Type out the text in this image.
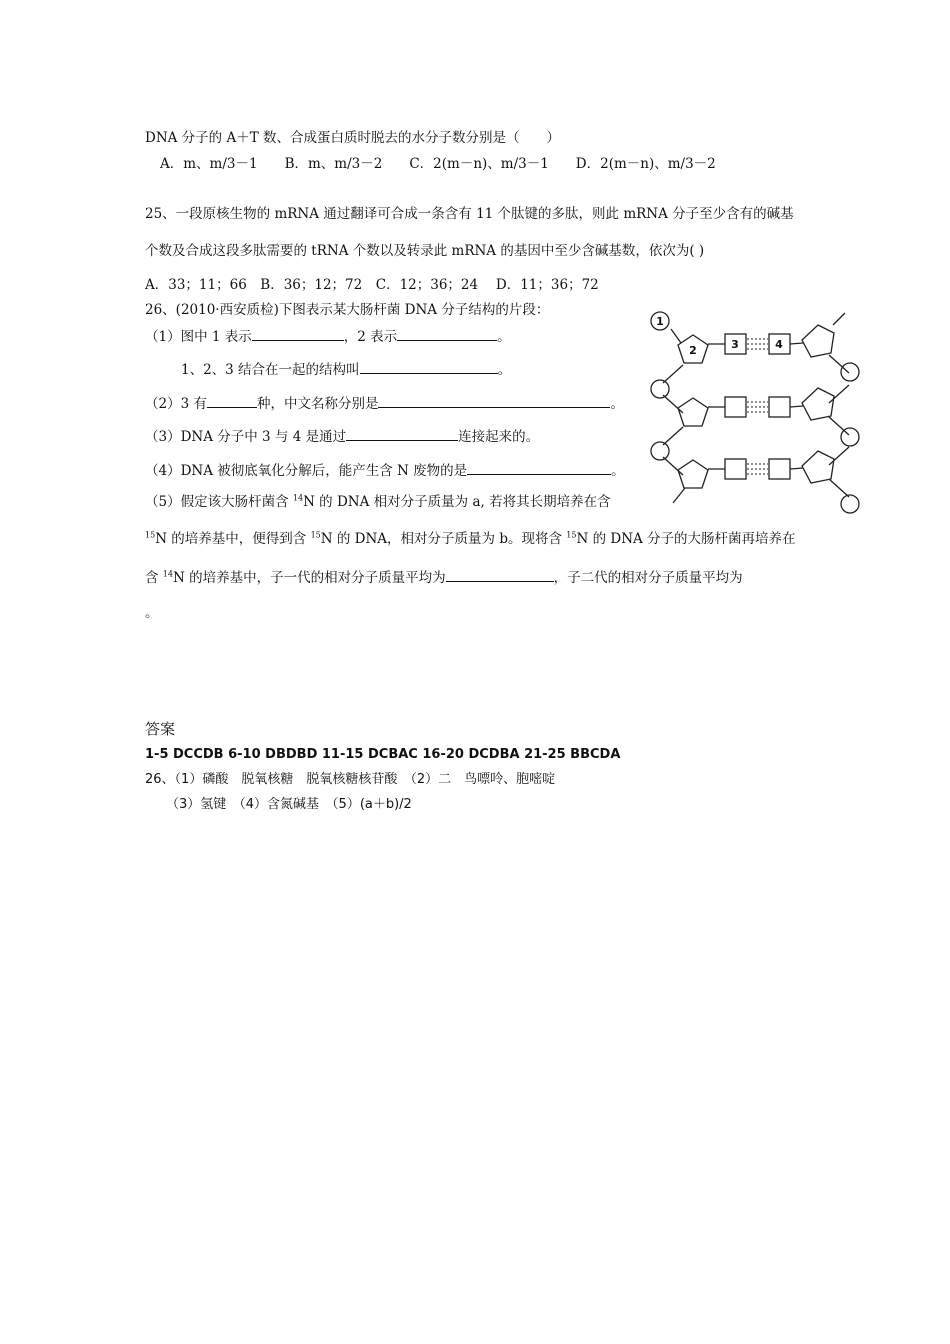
DNA 分子的 A＋T 数、合成蛋白质时脱去的水分子数分别是（　　）
A．m、m/3－1　　B．m、m/3－2　　C．2(m－n)、m/3－1　　D．2(m－n)、m/3－2
25、一段原核生物的 mRNA 通过翻译可合成一条含有 11 个肽键的多肽，则此 mRNA 分子至少含有的碱基
个数及合成这段多肽需要的 tRNA 个数以及转录此 mRNA 的基因中至少含碱基数，依次为( )
A．33；11；66　B．36；12；72　C．12；36；24　 D．11；36；72
26、(2010·西安质检)下图表示某大肠杆菌 DNA 分子结构的片段：
（1）图中 1 表示	，2 表示	。
1、2、3 结合在一起的结构叫	。
（2）3 有	种，中文名称分别是	。
（3）DNA 分子中 3 与 4 是通过	连接起来的。
（4）DNA 被彻底氧化分解后，能产生含 N 废物的是	。
（5）假定该大肠杆菌含 $^{14}$N 的 DNA 相对分子质量为 a, 若将其长期培养在含
$^{15}$N 的培养基中，便得到含 $^{15}$N 的 DNA，相对分子质量为 b。现将含 $^{15}$N 的 DNA 分子的大肠杆菌再培养在
含 $^{14}$N 的培养基中，子一代的相对分子质量平均为	，子二代的相对分子质量平均为
。
1
2	3	4
答案
1-5 DCCDB 6-10 DBDBD 11-15 DCBAC 16-20 DCDBA 21-25 BBCDA
26、（1）磷酸　脱氧核糖　脱氧核糖核苷酸　（2）二　鸟嘌呤、胞嘧啶
（3）氢键　（4）含氮碱基　（5）(a＋b)/2
